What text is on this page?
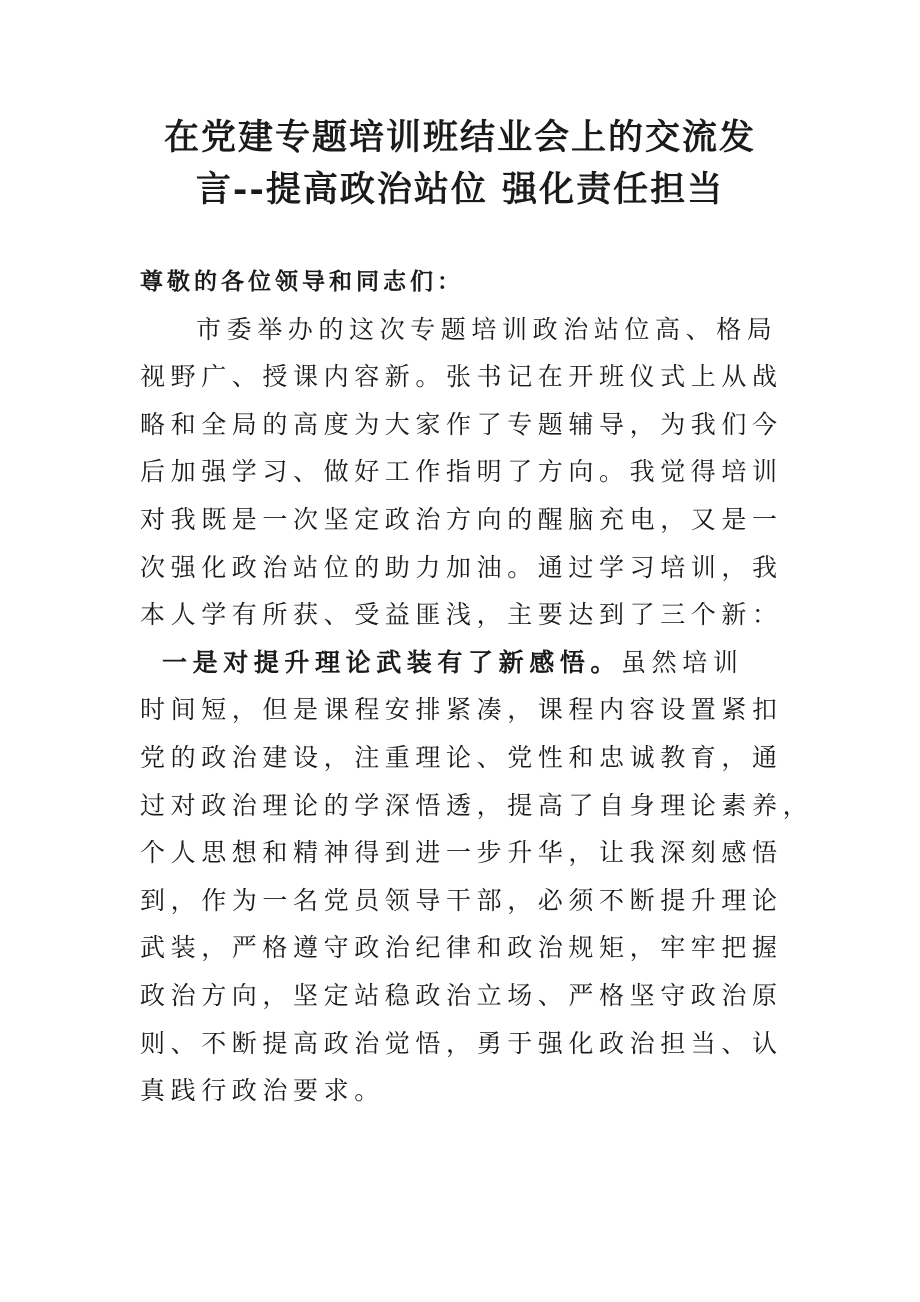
在党建专题培训班结业会上的交流发
言--提高政治站位 强化责任担当
尊敬的各位领导和同志们：
市委举办的这次专题培训政治站位高、格局
视野广、授课内容新。张书记在开班仪式上从战
略和全局的高度为大家作了专题辅导，为我们今
后加强学习、做好工作指明了方向。我觉得培训
对我既是一次坚定政治方向的醒脑充电，又是一
次强化政治站位的助力加油。通过学习培训，我
本人学有所获、受益匪浅，主要达到了三个新：
一是对提升理论武装有了新感悟。虽然培训
时间短，但是课程安排紧凑，课程内容设置紧扣
党的政治建设，注重理论、党性和忠诚教育，通
过对政治理论的学深悟透，提高了自身理论素养，
个人思想和精神得到进一步升华，让我深刻感悟
到，作为一名党员领导干部，必须不断提升理论
武装，严格遵守政治纪律和政治规矩，牢牢把握
政治方向，坚定站稳政治立场、严格坚守政治原
则、不断提高政治觉悟，勇于强化政治担当、认
真践行政治要求。
